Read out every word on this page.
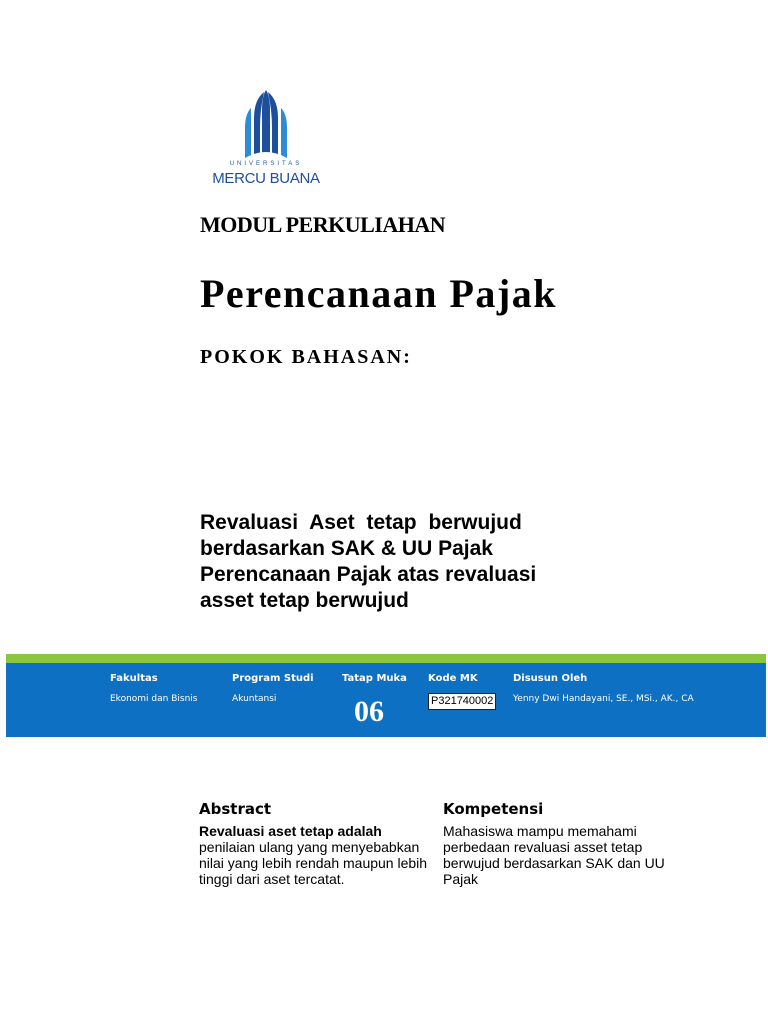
UNIVERSITAS
MERCU BUANA
MODUL PERKULIAHAN
Perencanaan Pajak
POKOK BAHASAN:
Revaluasi Aset tetap berwujud
berdasarkan SAK & UU Pajak
Perencanaan Pajak atas revaluasi
asset tetap berwujud
Fakultas
Ekonomi dan Bisnis
Program Studi
Akuntansi
Tatap Muka
06
Kode MK
P321740002
Disusun Oleh
Yenny Dwi Handayani, SE., MSi., AK., CA
Abstract
Revaluasi aset tetap adalah
penilaian ulang yang menyebabkan nilai yang lebih rendah maupun lebih tinggi dari aset tercatat.
Kompetensi
Mahasiswa mampu memahami perbedaan revaluasi asset tetap berwujud berdasarkan SAK dan UU Pajak
